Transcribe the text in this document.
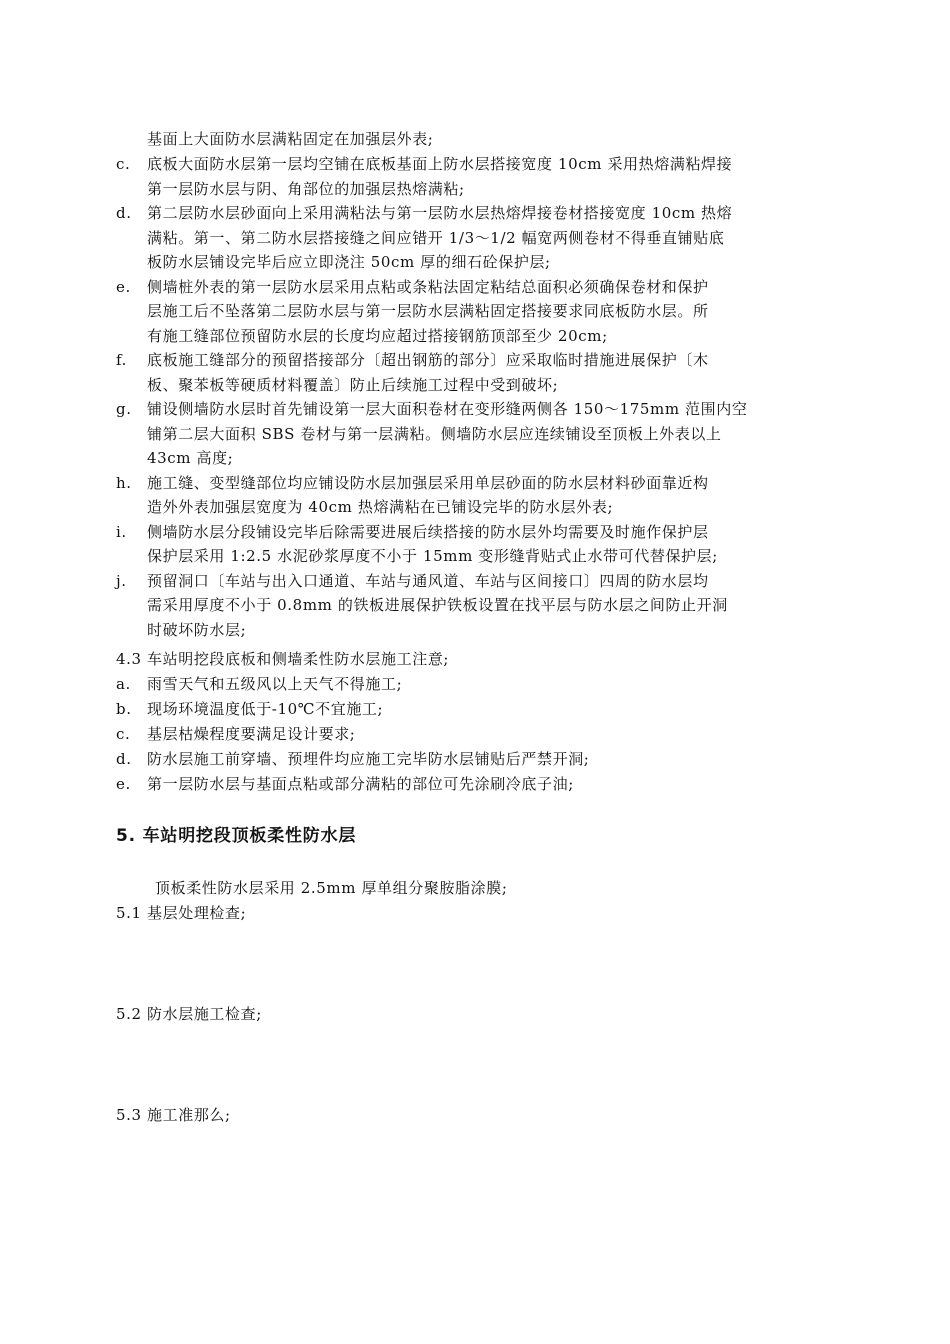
基面上大面防水层满粘固定在加强层外表;
c. 底板大面防水层第一层均空铺在底板基面上防水层搭接宽度 10cm 采用热熔满粘焊接
第一层防水层与阴、角部位的加强层热熔满粘;
d. 第二层防水层砂面向上采用满粘法与第一层防水层热熔焊接卷材搭接宽度 10cm 热熔
满粘。第一、第二防水层搭接缝之间应错开 1/3～1/2 幅宽两侧卷材不得垂直铺贴底
板防水层铺设完毕后应立即浇注 50cm 厚的细石砼保护层;
e. 侧墙桩外表的第一层防水层采用点粘或条粘法固定粘结总面积必须确保卷材和保护
层施工后不坠落第二层防水层与第一层防水层满粘固定搭接要求同底板防水层。所
有施工缝部位预留防水层的长度均应超过搭接钢筋顶部至少 20cm;
f. 底板施工缝部分的预留搭接部分〔超出钢筋的部分〕应采取临时措施进展保护〔木
板、聚苯板等硬质材料覆盖〕防止后续施工过程中受到破坏;
g. 铺设侧墙防水层时首先铺设第一层大面积卷材在变形缝两侧各 150～175mm 范围内空
铺第二层大面积 SBS 卷材与第一层满粘。侧墙防水层应连续铺设至顶板上外表以上
43cm 高度;
h. 施工缝、变型缝部位均应铺设防水层加强层采用单层砂面的防水层材料砂面靠近构
造外外表加强层宽度为 40cm 热熔满粘在已铺设完毕的防水层外表;
i. 侧墙防水层分段铺设完毕后除需要进展后续搭接的防水层外均需要及时施作保护层
保护层采用 1:2.5 水泥砂浆厚度不小于 15mm 变形缝背贴式止水带可代替保护层;
j. 预留洞口〔车站与出入口通道、车站与通风道、车站与区间接口〕四周的防水层均
需采用厚度不小于 0.8mm 的铁板进展保护铁板设置在找平层与防水层之间防止开洞
时破坏防水层;
4.3 车站明挖段底板和侧墙柔性防水层施工注意;
a. 雨雪天气和五级风以上天气不得施工;
b. 现场环境温度低于-10℃不宜施工;
c. 基层枯燥程度要满足设计要求;
d. 防水层施工前穿墙、预埋件均应施工完毕防水层铺贴后严禁开洞;
e. 第一层防水层与基面点粘或部分满粘的部位可先涂刷冷底子油;
5. 车站明挖段顶板柔性防水层
顶板柔性防水层采用 2.5mm 厚单组分聚胺脂涂膜;
5.1 基层处理检查;
5.2 防水层施工检查;
5.3 施工准那么;
